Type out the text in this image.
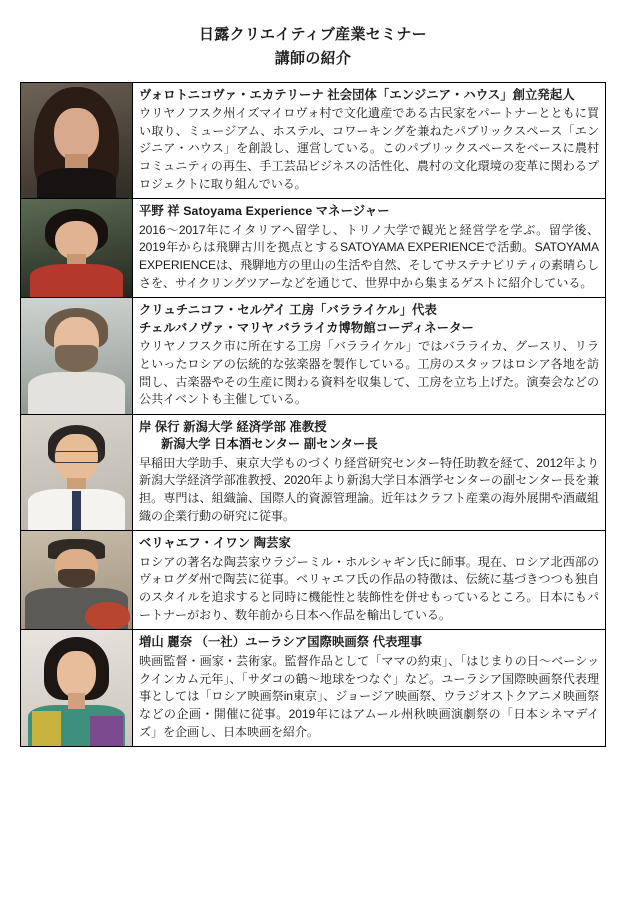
日露クリエイティブ産業セミナー
講師の紹介
ヴォロトニコヴァ・エカテリーナ 社会団体「エンジニア・ハウス」創立発起人
ウリヤノフスク州イズマイロヴォ村で文化遺産である古民家をパートナーとともに買い取り、ミュージアム、ホステル、コワーキングを兼ねたパブリックスペース「エンジニア・ハウス」を創設し、運営している。このパブリックスペースをベースに農村コミュニティの再生、手工芸品ビジネスの活性化、農村の文化環境の変革に関わるプロジェクトに取り組んでいる。
平野 祥 Satoyama Experience マネージャー
2016〜2017年にイタリアへ留学し、トリノ大学で観光と経営学を学ぶ。留学後、2019年からは飛騨古川を拠点とするSATOYAMA EXPERIENCEで活動。SATOYAMA EXPERIENCEは、飛騨地方の里山の生活や自然、そしてサステナビリティの素晴らしさを、サイクリングツアーなどを通じて、世界中から集まるゲストに紹介している。
クリュチニコフ・セルゲイ 工房「バラライケル」代表
チェルバノヴァ・マリヤ バラライカ博物館コーディネーター
ウリヤノフスク市に所在する工房「バラライケル」ではバラライカ、グースリ、リラといったロシアの伝統的な弦楽器を製作している。工房のスタッフはロシア各地を訪問し、古楽器やその生産に関わる資料を収集して、工房を立ち上げた。演奏会などの公共イベントも主催している。
岸 保行 新潟大学 経済学部 准教授
新潟大学 日本酒センター 副センター長
早稲田大学助手、東京大学ものづくり経営研究センター特任助教を経て、2012年より新潟大学経済学部准教授、2020年より新潟大学日本酒学センターの副センター長を兼担。専門は、組織論、国際人的資源管理論。近年はクラフト産業の海外展開や酒蔵組織の企業行動の研究に従事。
ベリャエフ・イワン 陶芸家
ロシアの著名な陶芸家ウラジーミル・ホルシャギン氏に師事。現在、ロシア北西部のヴォログダ州で陶芸に従事。ベリャエフ氏の作品の特徴は、伝統に基づきつつも独自のスタイルを追求すると同時に機能性と装飾性を併せもっているところ。日本にもパートナーがおり、数年前から日本へ作品を輸出している。
増山 麗奈 （一社）ユーラシア国際映画祭 代表理事
映画監督・画家・芸術家。監督作品として「ママの約束」、「はじまりの日〜ベーシックインカム元年」、「サダコの鶴〜地球をつなぐ」など。ユーラシア国際映画祭代表理事としては「ロシア映画祭in東京」、ジョージア映画祭、ウラジオストクアニメ映画祭などの企画・開催に従事。2019年にはアムール州秋映画演劇祭の「日本シネマデイズ」を企画し、日本映画を紹介。
